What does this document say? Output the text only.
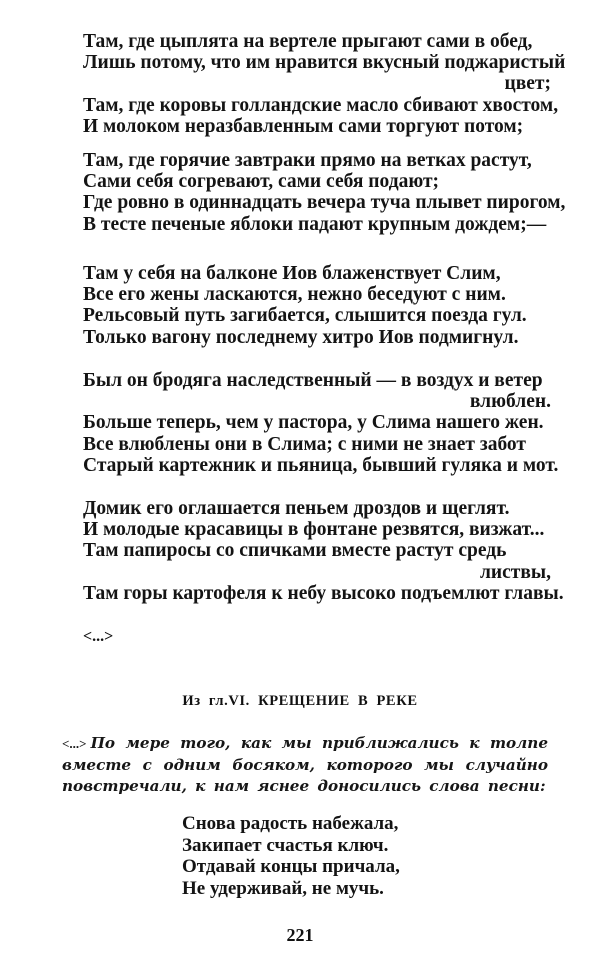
Там, где цыплята на вертеле прыгают сами в обед,
Лишь потому, что им нравится вкусный поджаристый
цвет;
Там, где коровы голландские масло сбивают хвостом,
И молоком неразбавленным сами торгуют потом;
Там, где горячие завтраки прямо на ветках растут,
Сами себя согревают, сами себя подают;
Где ровно в одиннадцать вечера туча плывет пирогом,
В тесте печеные яблоки падают крупным дождем;—
Там у себя на балконе Иов блаженствует Слим,
Все его жены ласкаются, нежно беседуют с ним.
Рельсовый путь загибается, слышится поезда гул.
Только вагону последнему хитро Иов подмигнул.
Был он бродяга наследственный — в воздух и ветер
влюблен.
Больше теперь, чем у пастора, у Слима нашего жен.
Все влюблены они в Слима; с ними не знает забот
Старый картежник и пьяница, бывший гуляка и мот.
Домик его оглашается пеньем дроздов и щеглят.
И молодые красавицы в фонтане резвятся, визжат...
Там папиросы со спичками вместе растут средь
листвы,
Там горы картофеля к небу высоко подъемлют главы.
<...>
Из гл.VI. КРЕЩЕНИЕ В РЕКЕ
<...> По мере того, как мы приближались к толпе
вместе с одним босяком, которого мы случайно
повстречали, к нам яснее доносились слова песни:
Снова радость набежала,
Закипает счастья ключ.
Отдавай концы причала,
Не удерживай, не мучь.
221
